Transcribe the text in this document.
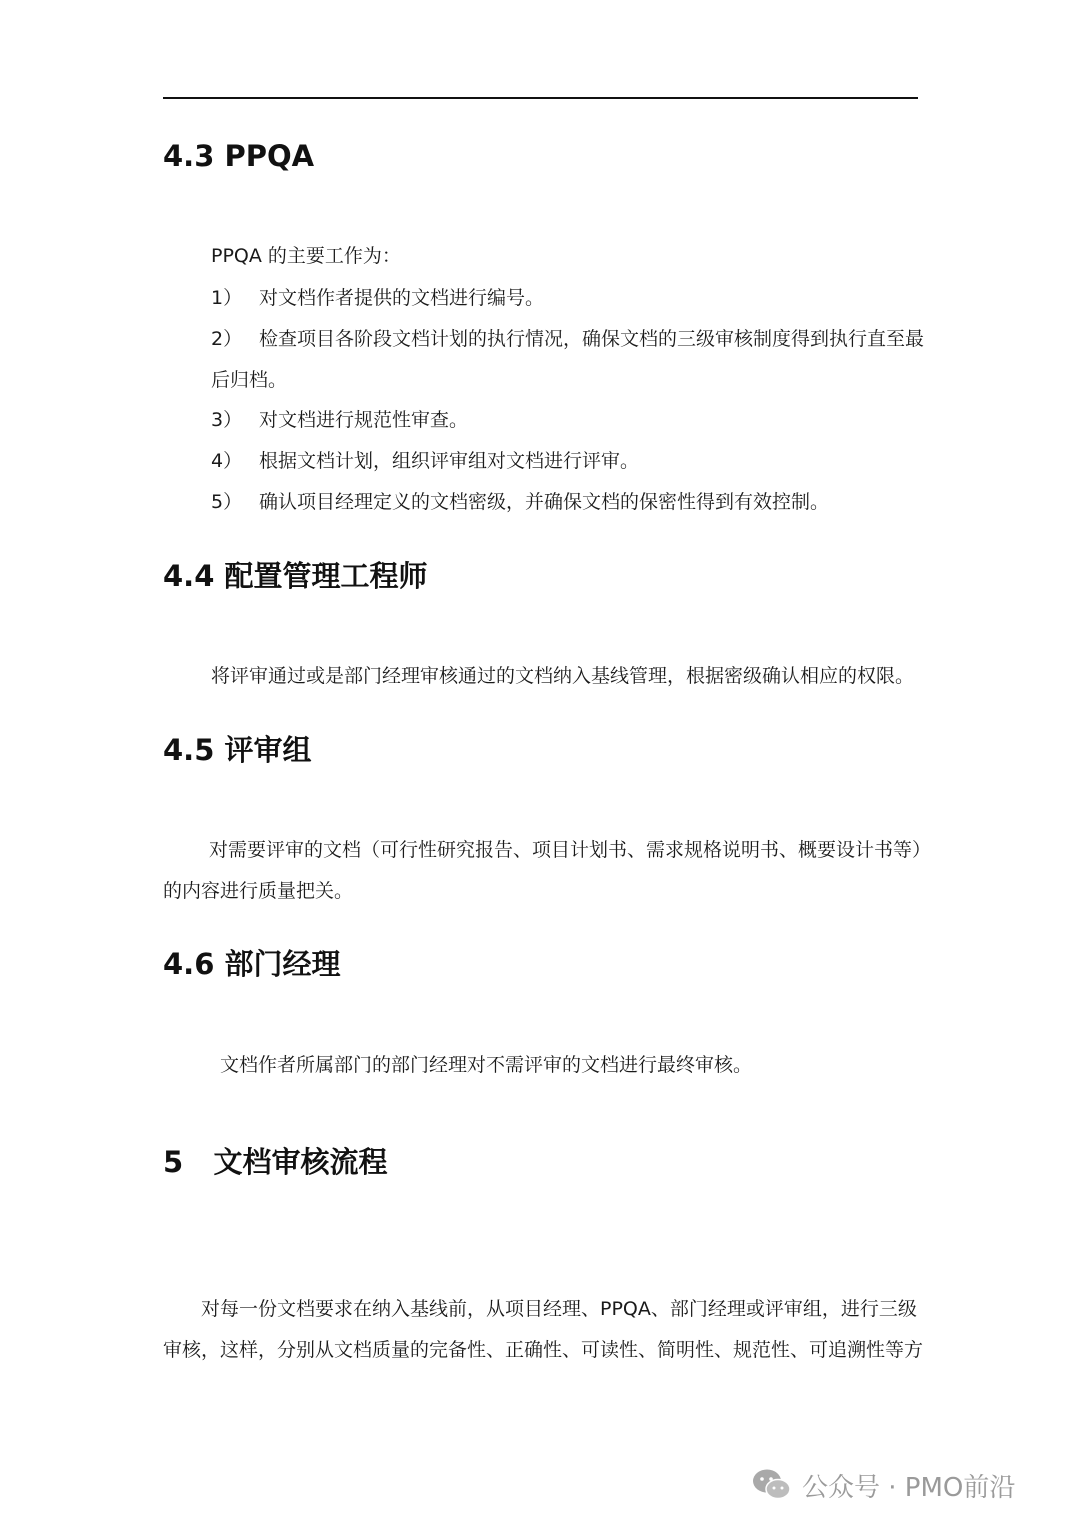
4.3 PPQA
PPQA 的主要工作为：
1） 对文档作者提供的文档进行编号。
2） 检查项目各阶段文档计划的执行情况，确保文档的三级审核制度得到执行直至最
后归档。
3） 对文档进行规范性审查。
4） 根据文档计划，组织评审组对文档进行评审。
5） 确认项目经理定义的文档密级，并确保文档的保密性得到有效控制。
4.4 配置管理工程师
将评审通过或是部门经理审核通过的文档纳入基线管理，根据密级确认相应的权限。
4.5 评审组
对需要评审的文档（可行性研究报告、项目计划书、需求规格说明书、概要设计书等）
的内容进行质量把关。
4.6 部门经理
文档作者所属部门的部门经理对不需评审的文档进行最终审核。
5   文档审核流程
对每一份文档要求在纳入基线前，从项目经理、PPQA、部门经理或评审组，进行三级
审核，这样，分别从文档质量的完备性、正确性、可读性、简明性、规范性、可追溯性等方
公众号 · PMO前沿
